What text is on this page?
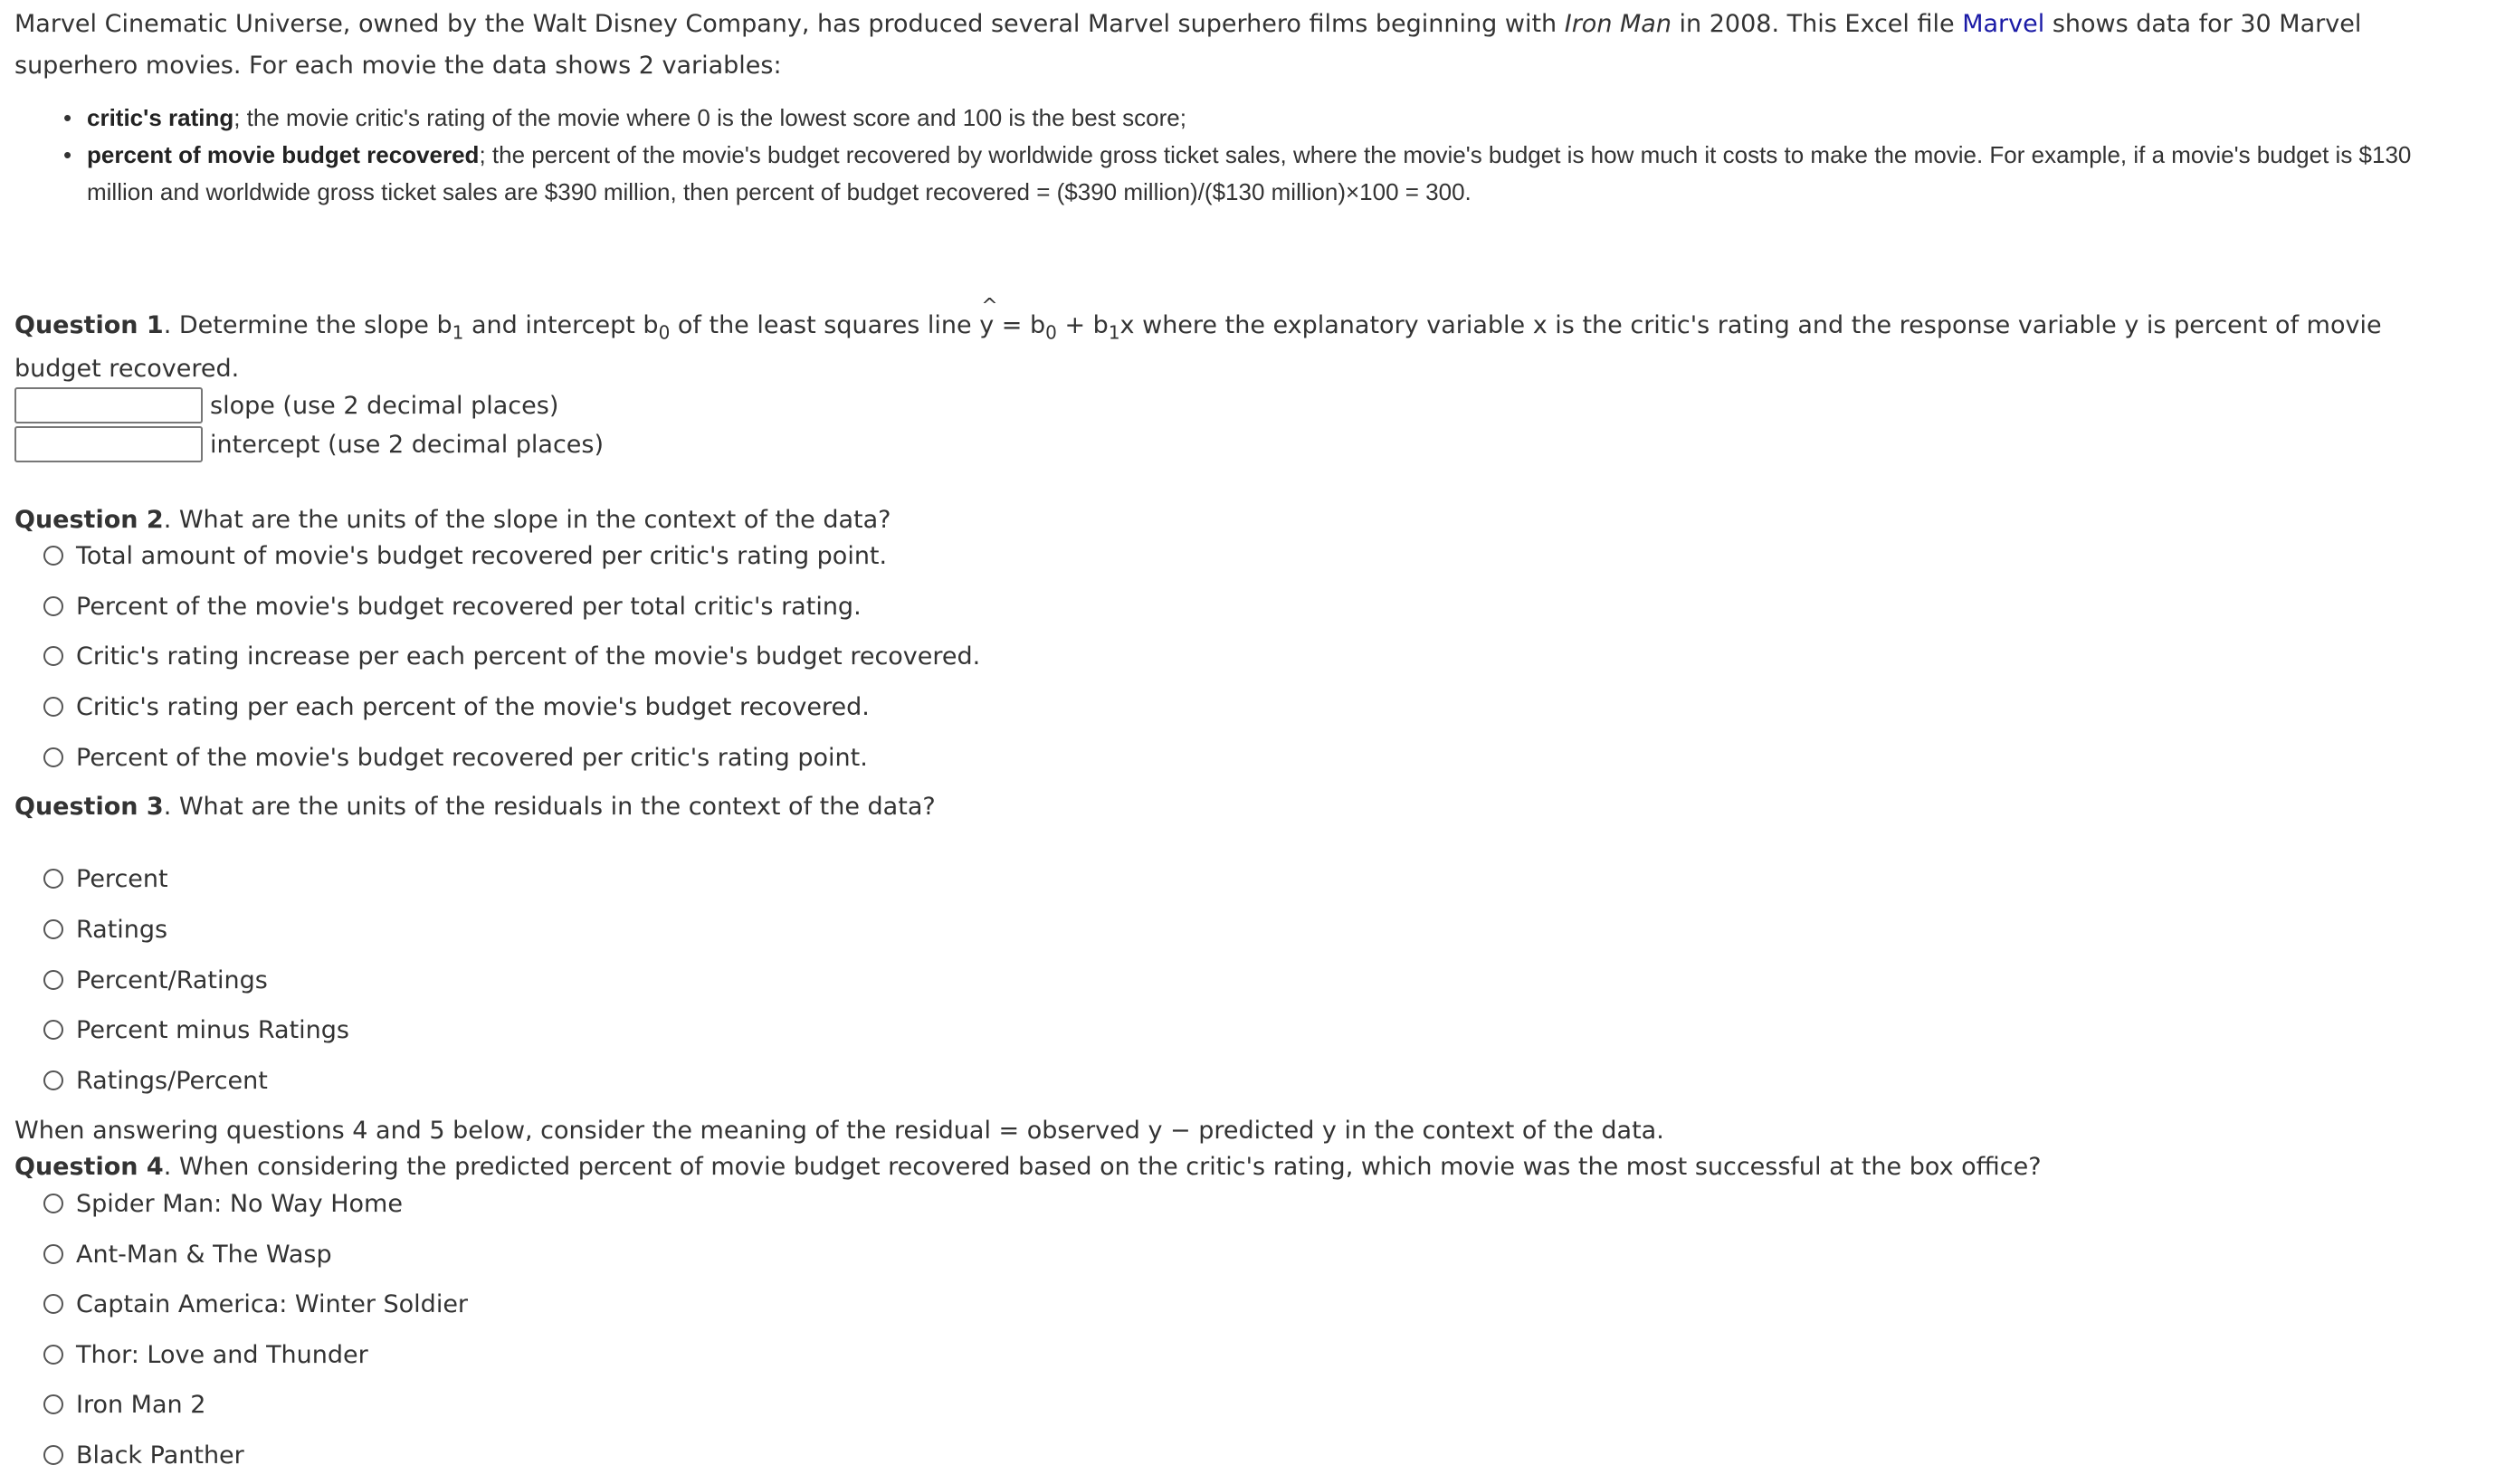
Marvel Cinematic Universe, owned by the Walt Disney Company, has produced several Marvel superhero films beginning with Iron Man in 2008. This Excel file Marvel shows data for 30 Marvel superhero movies. For each movie the data shows 2 variables:
• critic's rating; the movie critic's rating of the movie where 0 is the lowest score and 100 is the best score;
• percent of movie budget recovered; the percent of the movie's budget recovered by worldwide gross ticket sales, where the movie's budget is how much it costs to make the movie. For example, if a movie's budget is $130 million and worldwide gross ticket sales are $390 million, then percent of budget recovered = ($390 million)/($130 million)×100 = 300.
Question 1. Determine the slope $b_1$ and intercept $b_0$ of the least squares line
^
$y = b_0 + b_1x$ where the explanatory variable x is the critic's rating and the response variable y is percent of movie budget recovered.
slope (use 2 decimal places)
intercept (use 2 decimal places)
Question 2. What are the units of the slope in the context of the data?
Total amount of movie's budget recovered per critic's rating point.
Percent of the movie's budget recovered per total critic's rating.
Critic's rating increase per each percent of the movie's budget recovered.
Critic's rating per each percent of the movie's budget recovered.
Percent of the movie's budget recovered per critic's rating point.
Question 3. What are the units of the residuals in the context of the data?
Percent
Ratings
Percent/Ratings
Percent minus Ratings
Ratings/Percent
When answering questions 4 and 5 below, consider the meaning of the residual = observed y − predicted y in the context of the data.
Question 4. When considering the predicted percent of movie budget recovered based on the critic's rating, which movie was the most successful at the box office?
Spider Man: No Way Home
Ant-Man & The Wasp
Captain America: Winter Soldier
Thor: Love and Thunder
Iron Man 2
Black Panther
